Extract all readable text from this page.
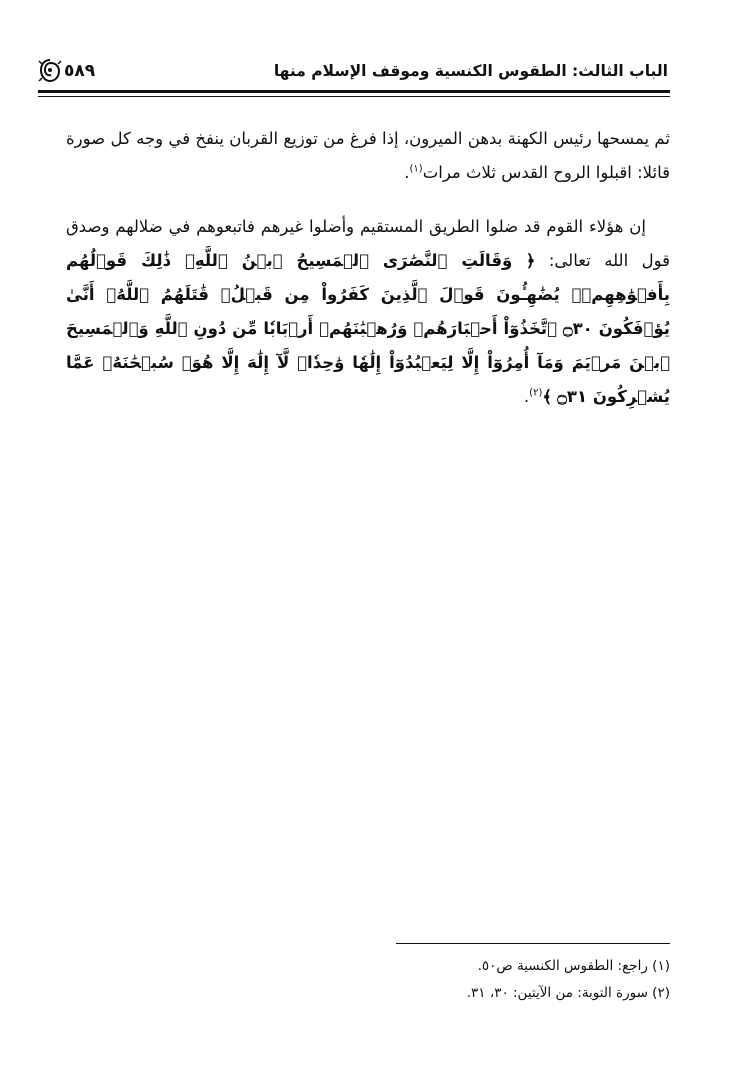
الباب الثالث: الطقوس الكنسية وموقف الإسلام منها
٥٨٩

ثم يمسحها رئيس الكهنة بدهن الميرون، إذا فرغ من توزيع القربان ينفخ في وجه كل صورة قائلا: اقبلوا الروح القدس ثلاث مرات$^{(١)}$.

إن هؤلاء القوم قد ضلوا الطريق المستقيم وأضلوا غيرهم فاتبعوهم في ضلالهم وصدق قول الله تعالى: ﴿ وَقَالَتِ ٱلنَّصَٰرَى ٱلۡمَسِيحُ ٱبۡنُ ٱللَّهِۖ ذَٰلِكَ قَوۡلُهُم بِأَفۡوَٰهِهِمۡۖ يُضَٰهِـُٔونَ قَوۡلَ ٱلَّذِينَ كَفَرُواْ مِن قَبۡلُۚ قَٰتَلَهُمُ ٱللَّهُۖ أَنَّىٰ يُؤۡفَكُونَ ۝٣٠ ٱتَّخَذُوٓاْ أَحۡبَارَهُمۡ وَرُهۡبَٰنَهُمۡ أَرۡبَابٗا مِّن دُونِ ٱللَّهِ وَٱلۡمَسِيحَ ٱبۡنَ مَرۡيَمَ وَمَآ أُمِرُوٓاْ إِلَّا لِيَعۡبُدُوٓاْ إِلَٰهٗا وَٰحِدٗاۖ لَّآ إِلَٰهَ إِلَّا هُوَۚ سُبۡحَٰنَهُۥ عَمَّا يُشۡرِكُونَ ۝٣١ ﴾$^{(٢)}$.

(١) راجع: الطقوس الكنسية ص٥٠.
(٢) سورة التوبة: من الآيتين: ٣٠، ٣١.
